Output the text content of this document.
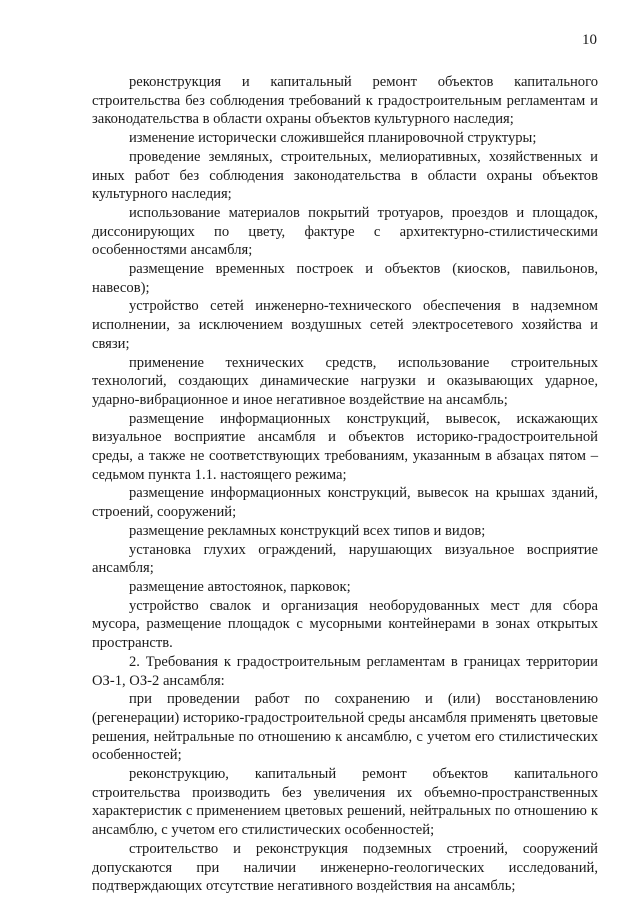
10

реконструкция и капитальный ремонт объектов капитального строительства без соблюдения требований к градостроительным регламентам и законодательства в области охраны объектов культурного наследия;

изменение исторически сложившейся планировочной структуры;

проведение земляных, строительных, мелиоративных, хозяйственных и иных работ без соблюдения законодательства в области охраны объектов культурного наследия;

использование материалов покрытий тротуаров, проездов и площадок, диссонирующих по цвету, фактуре с архитектурно-стилистическими особенностями ансамбля;

размещение временных построек и объектов (киосков, павильонов, навесов);

устройство сетей инженерно-технического обеспечения в надземном исполнении, за исключением воздушных сетей электросетевого хозяйства и связи;

применение технических средств, использование строительных технологий, создающих динамические нагрузки и оказывающих ударное, ударно-вибрационное и иное негативное воздействие на ансамбль;

размещение информационных конструкций, вывесок, искажающих визуальное восприятие ансамбля и объектов историко-градостроительной среды, а также не соответствующих требованиям, указанным в абзацах пятом – седьмом пункта 1.1. настоящего режима;

размещение информационных конструкций, вывесок на крышах зданий, строений, сооружений;

размещение рекламных конструкций всех типов и видов;

установка глухих ограждений, нарушающих визуальное восприятие ансамбля;

размещение автостоянок, парковок;

устройство свалок и организация необорудованных мест для сбора мусора, размещение площадок с мусорными контейнерами в зонах открытых пространств.

2. Требования к градостроительным регламентам в границах территории ОЗ-1, ОЗ-2 ансамбля:

при проведении работ по сохранению и (или) восстановлению (регенерации) историко-градостроительной среды ансамбля применять цветовые решения, нейтральные по отношению к ансамблю, с учетом его стилистических особенностей;

реконструкцию, капитальный ремонт объектов капитального строительства производить без увеличения их объемно-пространственных характеристик с применением цветовых решений, нейтральных по отношению к ансамблю, с учетом его стилистических особенностей;

строительство и реконструкция подземных строений, сооружений допускаются при наличии инженерно-геологических исследований, подтверждающих отсутствие негативного воздействия на ансамбль;
